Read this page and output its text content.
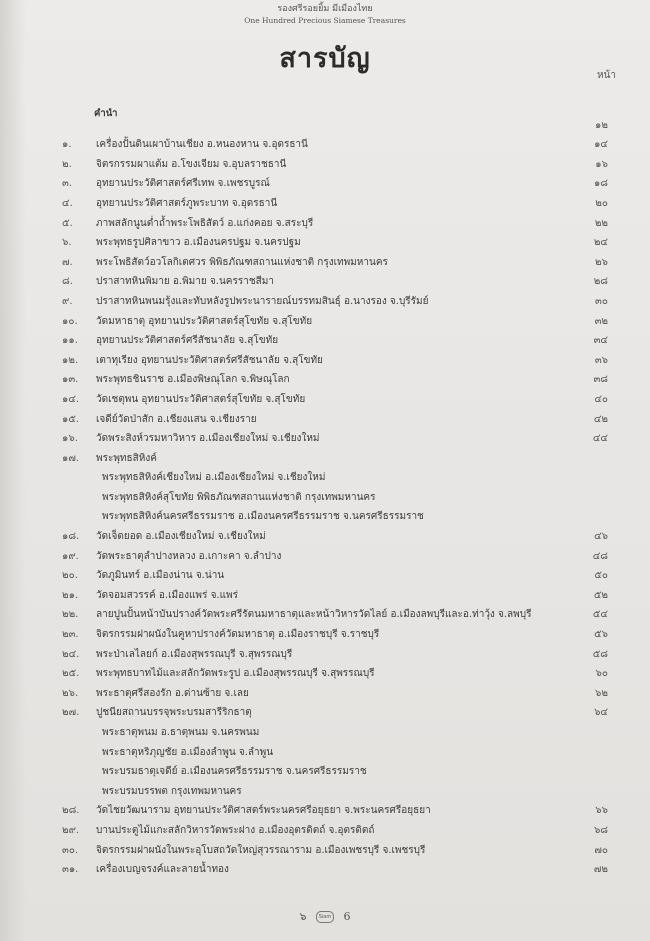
รองศรีรอยยิ้ม มีเมืองไทย
One Hundred Precious Siamese Treasures
สารบัญ
หน้า
คำนำ
๑๒
๑.	เครื่องปั้นดินเผาบ้านเชียง อ.หนองหาน จ.อุดรธานี	๑๔
๒.	จิตรกรรมผาแต้ม อ.โขงเจียม จ.อุบลราชธานี	๑๖
๓.	อุทยานประวัติศาสตร์ศรีเทพ จ.เพชรบูรณ์	๑๘
๔.	อุทยานประวัติศาสตร์ภูพระบาท จ.อุดรธานี	๒๐
๕.	ภาพสลักนูนต่ำถ้ำพระโพธิสัตว์ อ.แก่งคอย จ.สระบุรี	๒๒
๖.	พระพุทธรูปศิลาขาว อ.เมืองนครปฐม จ.นครปฐม	๒๔
๗.	พระโพธิสัตว์อวโลกิเตศวร พิพิธภัณฑสถานแห่งชาติ กรุงเทพมหานคร	๒๖
๘.	ปราสาทหินพิมาย อ.พิมาย จ.นครราชสีมา	๒๘
๙.	ปราสาทหินพนมรุ้งและทับหลังรูปพระนารายณ์บรรทมสินธุ์ อ.นางรอง จ.บุรีรัมย์	๓๐
๑๐.	วัดมหาธาตุ อุทยานประวัติศาสตร์สุโขทัย จ.สุโขทัย	๓๒
๑๑.	อุทยานประวัติศาสตร์ศรีสัชนาลัย จ.สุโขทัย	๓๔
๑๒.	เตาทุเรียง อุทยานประวัติศาสตร์ศรีสัชนาลัย จ.สุโขทัย	๓๖
๑๓.	พระพุทธชินราช อ.เมืองพิษณุโลก จ.พิษณุโลก	๓๘
๑๔.	วัดเชตุพน อุทยานประวัติศาสตร์สุโขทัย จ.สุโขทัย	๔๐
๑๕.	เจดีย์วัดป่าสัก อ.เชียงแสน จ.เชียงราย	๔๒
๑๖.	วัดพระสิงห์วรมหาวิหาร อ.เมืองเชียงใหม่ จ.เชียงใหม่	๔๔
๑๗.	พระพุทธสิหิงค์
พระพุทธสิหิงค์เชียงใหม่ อ.เมืองเชียงใหม่ จ.เชียงใหม่
พระพุทธสิหิงค์สุโขทัย พิพิธภัณฑสถานแห่งชาติ กรุงเทพมหานคร
พระพุทธสิหิงค์นครศรีธรรมราช อ.เมืองนครศรีธรรมราช จ.นครศรีธรรมราช
๑๘.	วัดเจ็ดยอด อ.เมืองเชียงใหม่ จ.เชียงใหม่	๔๖
๑๙.	วัดพระธาตุลำปางหลวง อ.เกาะคา จ.ลำปาง	๔๘
๒๐.	วัดภูมินทร์ อ.เมืองน่าน จ.น่าน	๕๐
๒๑.	วัดจอมสวรรค์ อ.เมืองแพร่ จ.แพร่	๕๒
๒๒.	ลายปูนปั้นหน้าบันปรางค์วัดพระศรีรัตนมหาธาตุและหน้าวิหารวัดไลย์ อ.เมืองลพบุรีและอ.ท่าวุ้ง จ.ลพบุรี	๕๔
๒๓.	จิตรกรรมฝาผนังในคูหาปรางค์วัดมหาธาตุ อ.เมืองราชบุรี จ.ราชบุรี	๕๖
๒๔.	พระป่าเลไลยก์ อ.เมืองสุพรรณบุรี จ.สุพรรณบุรี	๕๘
๒๕.	พระพุทธบาทไม้และสลักวัดพระรูป อ.เมืองสุพรรณบุรี จ.สุพรรณบุรี	๖๐
๒๖.	พระธาตุศรีสองรัก อ.ด่านซ้าย จ.เลย	๖๒
๒๗.	ปูชนียสถานบรรจุพระบรมสารีริกธาตุ	๖๔
พระธาตุพนม อ.ธาตุพนม จ.นครพนม
พระธาตุหริภุญชัย อ.เมืองลำพูน จ.ลำพูน
พระบรมธาตุเจดีย์ อ.เมืองนครศรีธรรมราช จ.นครศรีธรรมราช
พระบรมบรรพต กรุงเทพมหานคร
๒๘.	วัดไชยวัฒนาราม อุทยานประวัติศาสตร์พระนครศรีอยุธยา จ.พระนครศรีอยุธยา	๖๖
๒๙.	บานประตูไม้แกะสลักวิหารวัดพระฝาง อ.เมืองอุตรดิตถ์ จ.อุตรดิตถ์	๖๘
๓๐.	จิตรกรรมฝาผนังในพระอุโบสถวัดใหญ่สุวรรณาราม อ.เมืองเพชรบุรี จ.เพชรบุรี	๗๐
๓๑.	เครื่องเบญจรงค์และลายน้ำทอง	๗๒
๖ Siam 6
